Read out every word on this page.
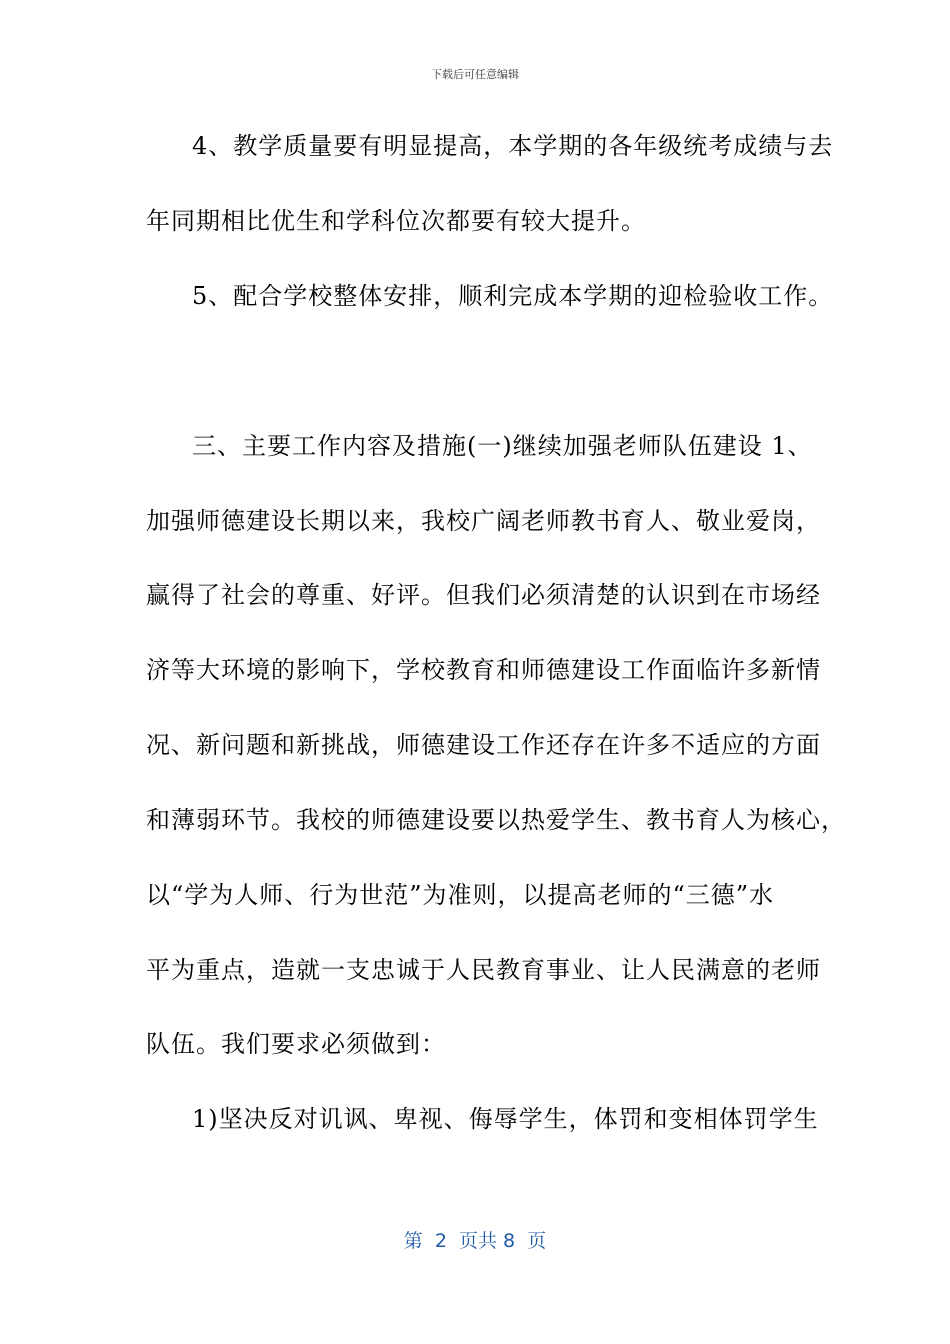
下载后可任意编辑
4、教学质量要有明显提高，本学期的各年级统考成绩与去
年同期相比优生和学科位次都要有较大提升。
5、配合学校整体安排，顺利完成本学期的迎检验收工作。
三、主要工作内容及措施(一)继续加强老师队伍建设 1、
加强师德建设长期以来，我校广阔老师教书育人、敬业爱岗，
赢得了社会的尊重、好评。但我们必须清楚的认识到在市场经
济等大环境的影响下，学校教育和师德建设工作面临许多新情
况、新问题和新挑战，师德建设工作还存在许多不适应的方面
和薄弱环节。我校的师德建设要以热爱学生、教书育人为核心，
以“学为人师、行为世范”为准则，以提高老师的“三德”水
平为重点，造就一支忠诚于人民教育事业、让人民满意的老师
队伍。我们要求必须做到：
1)坚决反对讥讽、卑视、侮辱学生，体罚和变相体罚学生
第  2  页共 8  页
